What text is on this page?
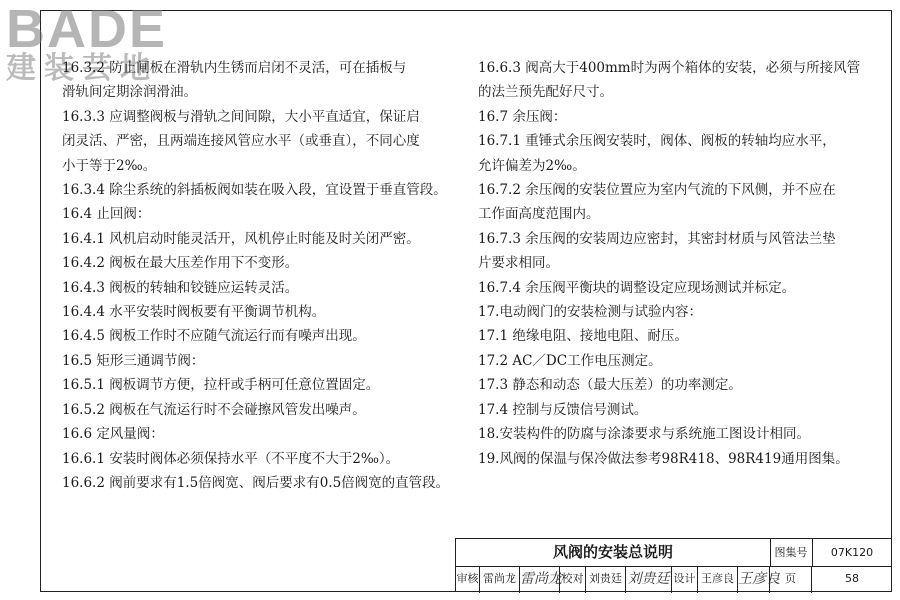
BADE
建装芸地
16.3.2 防止闸板在滑轨内生锈而启闭不灵活，可在插板与
滑轨间定期涂润滑油。
16.3.3 应调整阀板与滑轨之间间隙，大小平直适宜，保证启
闭灵活、严密，且两端连接风管应水平（或垂直），不同心度
小于等于2‰。
16.3.4 除尘系统的斜插板阀如装在吸入段，宜设置于垂直管段。
16.4 止回阀：
16.4.1 风机启动时能灵活开，风机停止时能及时关闭严密。
16.4.2 阀板在最大压差作用下不变形。
16.4.3 阀板的转轴和铰链应运转灵活。
16.4.4 水平安装时阀板要有平衡调节机构。
16.4.5 阀板工作时不应随气流运行而有噪声出现。
16.5 矩形三通调节阀：
16.5.1 阀板调节方便，拉杆或手柄可任意位置固定。
16.5.2 阀板在气流运行时不会碰擦风管发出噪声。
16.6 定风量阀：
16.6.1 安装时阀体必须保持水平（不平度不大于2‰）。
16.6.2 阀前要求有1.5倍阀宽、阀后要求有0.5倍阀宽的直管段。
16.6.3 阀高大于400mm时为两个箱体的安装，必须与所接风管
的法兰预先配好尺寸。
16.7 余压阀：
16.7.1 重锤式余压阀安装时，阀体、阀板的转轴均应水平，
允许偏差为2‰。
16.7.2 余压阀的安装位置应为室内气流的下风侧，并不应在
工作面高度范围内。
16.7.3 余压阀的安装周边应密封，其密封材质与风管法兰垫
片要求相同。
16.7.4 余压阀平衡块的调整设定应现场测试并标定。
17.电动阀门的安装检测与试验内容：
17.1 绝缘电阻、接地电阻、耐压。
17.2 AC／DC工作电压测定。
17.3 静态和动态（最大压差）的功率测定。
17.4 控制与反馈信号测试。
18.安装构件的防腐与涂漆要求与系统施工图设计相同。
19.风阀的保温与保冷做法参考98R418、98R419通用图集。
风阀的安装总说明	图集号	07K120
审核 雷尚龙 雷尚龙 校对 刘贵廷 刘贵廷 设计 王彦良 王彦良 页	58
